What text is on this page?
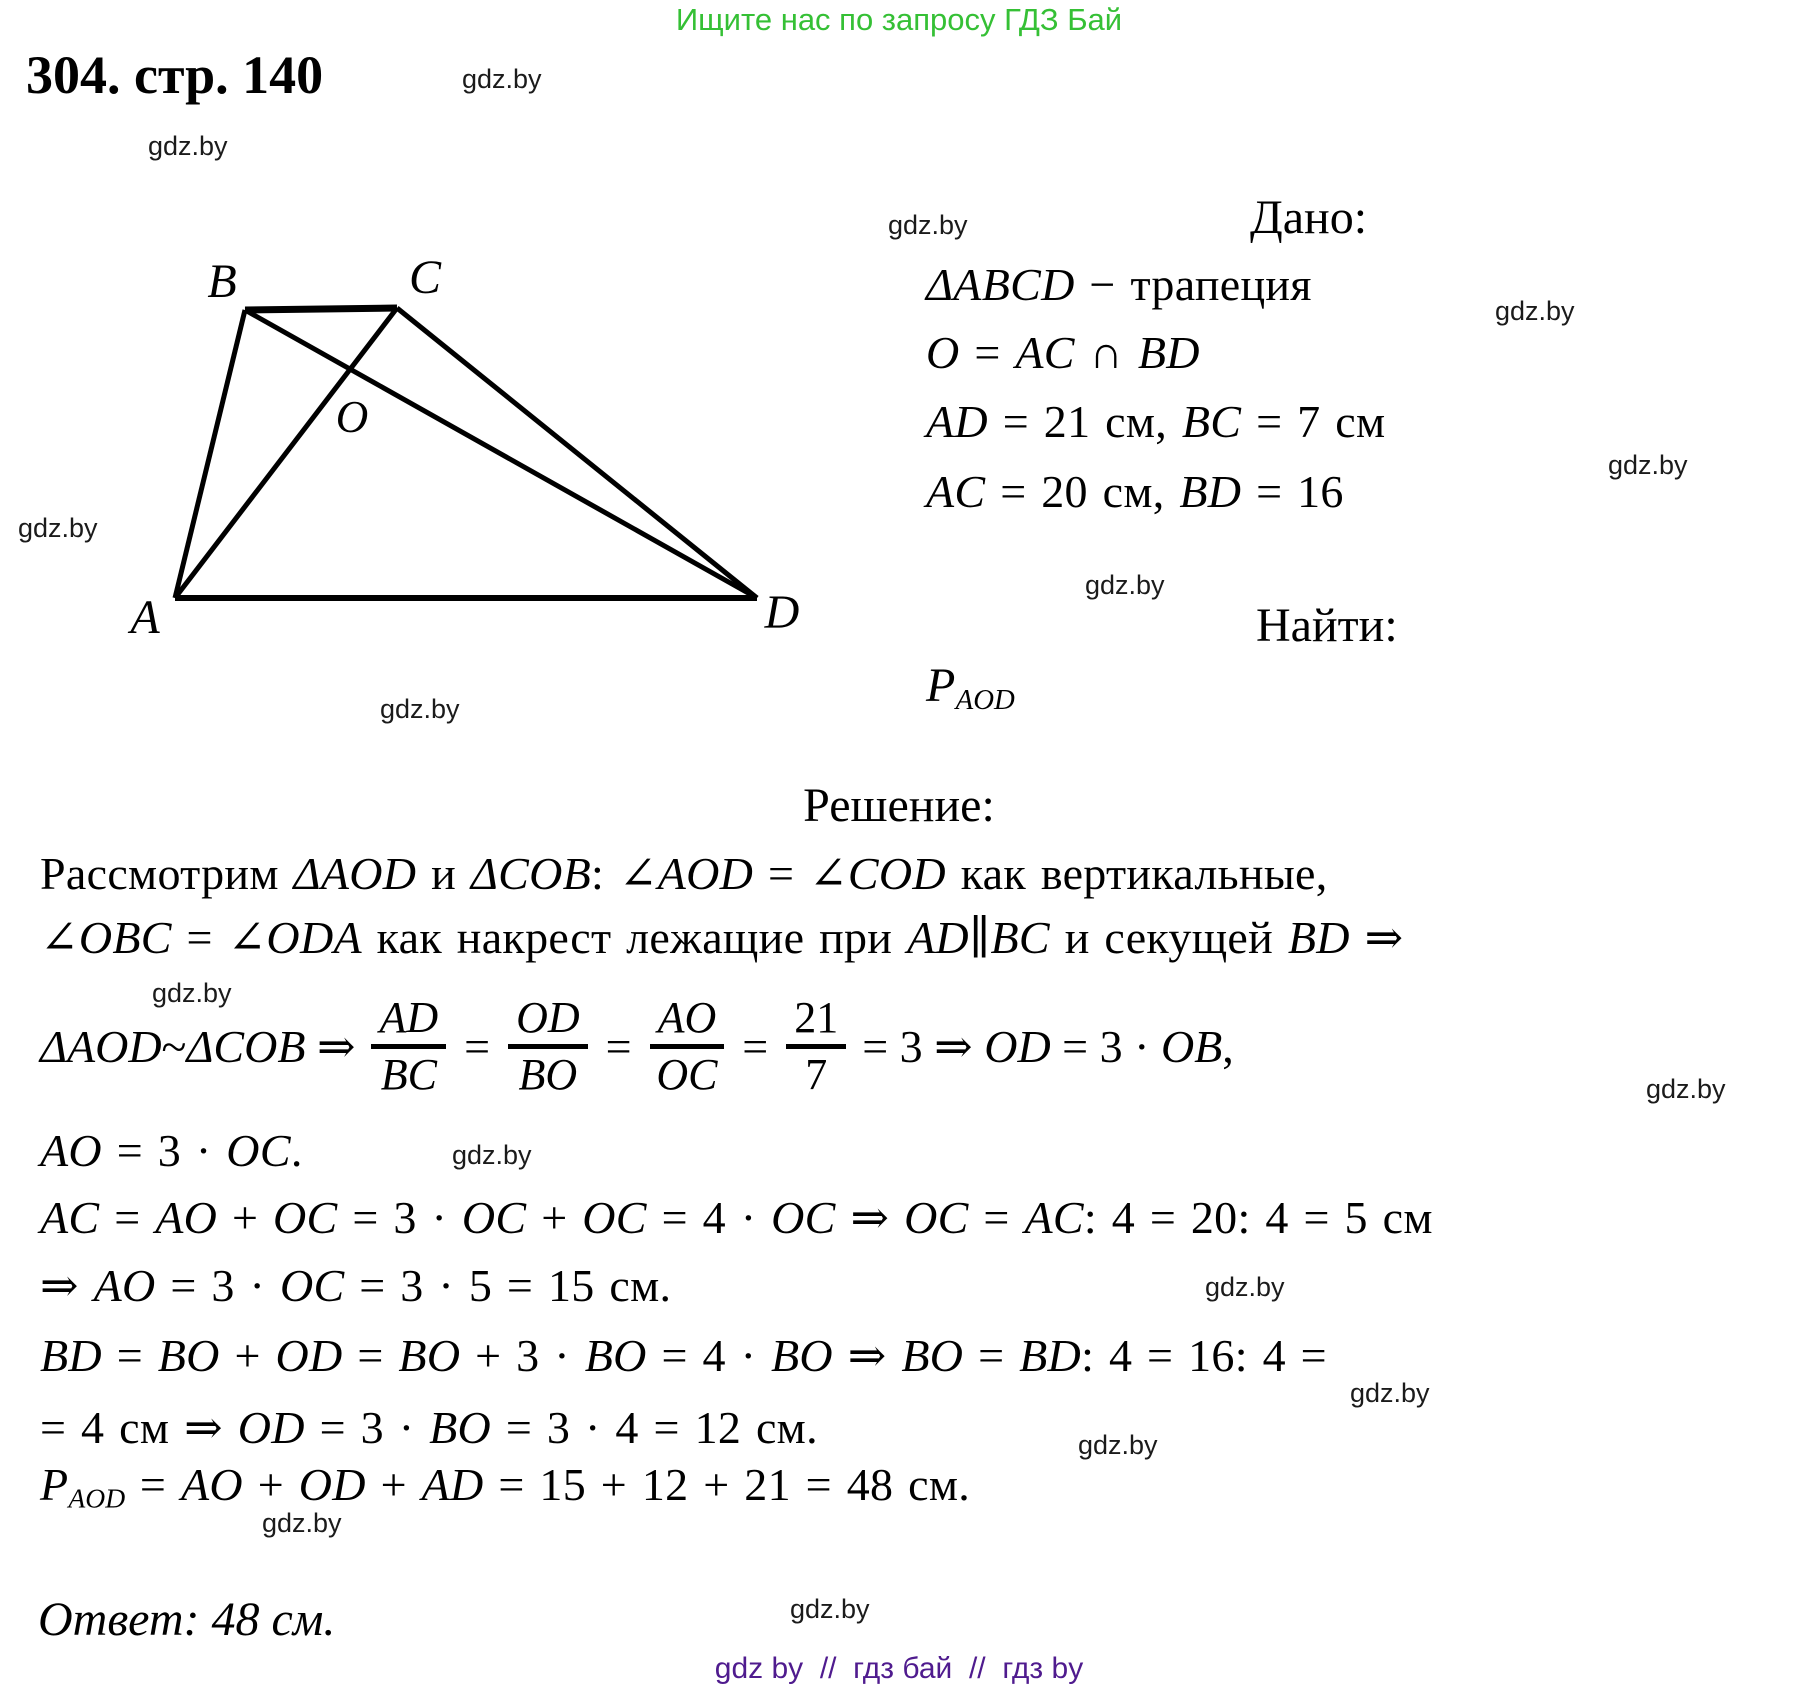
Ищите нас по запросу ГДЗ Бай
304. стр. 140	gdz.by
gdz.by
gdz.by
gdz.by
gdz.by
gdz.by
gdz.by
gdz.by
gdz.by
gdz.by
gdz.by
gdz.by
gdz.by
gdz.by
gdz.by
gdz.by
A
B	C
D
O
Дано:
ΔABCD − трапеция
O = AC ∩ BD
AD = 21 см, BC = 7 см
AC = 20 см, BD = 16
Найти:
PAOD
Решение:
Рассмотрим ΔAOD и ΔCOB: ∠AOD = ∠COD как вертикальные,
∠OBC = ∠ODA как накрест лежащие при AD∥BC и секущей BD ⇒
ΔAOD~ΔCOB ⇒ $\frac{AD}{BC} = \frac{OD}{BO} = \frac{AO}{OC} = \frac{21}{7} = 3$ ⇒ OD = 3 · OB,
AO = 3 · OC.
AC = AO + OC = 3 · OC + OC = 4 · OC ⇒ OC = AC: 4 = 20: 4 = 5 см
⇒ AO = 3 · OC = 3 · 5 = 15 см.
BD = BO + OD = BO + 3 · BO = 4 · BO ⇒ BO = BD: 4 = 16: 4 =
= 4 см ⇒ OD = 3 · BO = 3 · 4 = 12 см.
PAOD = AO + OD + AD = 15 + 12 + 21 = 48 см.
Ответ: 48 см.
gdz by  //  гдз бай  //  гдз by
